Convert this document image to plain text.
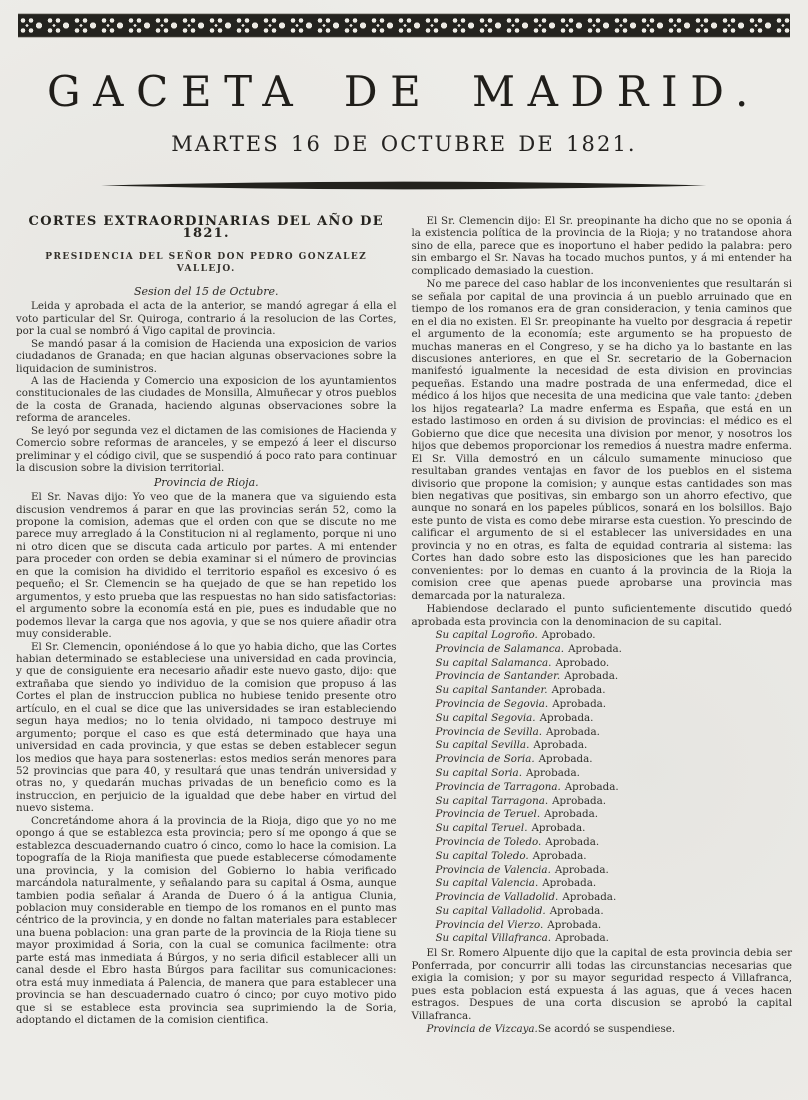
GACETA DE MADRID.
MARTES 16 DE OCTUBRE DE 1821.
CORTES EXTRAORDINARIAS DEL AÑO DE 1821.
PRESIDENCIA DEL SEÑOR DON PEDRO GONZALEZ VALLEJO.
Sesion del 15 de Octubre.

Leida y aprobada el acta de la anterior, se mandó agregar á ella el voto particular del Sr. Quiroga, contrario á la resolucion de las Cortes, por la cual se nombró á Vigo capital de provincia.

Se mandó pasar á la comision de Hacienda una exposicion de varios ciudadanos de Granada; en que hacian algunas observaciones sobre la liquidacion de suministros.

A las de Hacienda y Comercio una exposicion de los ayuntamientos constitucionales de las ciudades de Monsilla, Almuñecar y otros pueblos de la costa de Granada, haciendo algunas observaciones sobre la reforma de aranceles.

Se leyó por segunda vez el dictamen de las comisiones de Hacienda y Comercio sobre reformas de aranceles, y se empezó á leer el discurso preliminar y el código civil, que se suspendió á poco rato para continuar la discusion sobre la division territorial.

Provincia de Rioja.

El Sr. Navas dijo: Yo veo que de la manera que va siguiendo esta discusion vendremos á parar en que las provincias serán 52, como la propone la comision, ademas que el orden con que se discute no me parece muy arreglado á la Constitucion ni al reglamento, porque ni uno ni otro dicen que se discuta cada articulo por partes. A mi entender para proceder con orden se debia examinar si el número de provincias en que la comision ha dividido el territorio español es excesivo ó es pequeño; el Sr. Clemencin se ha quejado de que se han repetido los argumentos, y esto prueba que las respuestas no han sido satisfactorias: el argumento sobre la economía está en pie, pues es indudable que no podemos llevar la carga que nos agovia, y que se nos quiere añadir otra muy considerable.

El Sr. Clemencin, oponiéndose á lo que yo habia dicho, que las Cortes habian determinado se estableciese una universidad en cada provincia, y que de consiguiente era necesario añadir este nuevo gasto, dijo: que extrañaba que siendo yo individuo de la comision que propuso á las Cortes el plan de instruccion publica no hubiese tenido presente otro artículo, en el cual se dice que las universidades se iran estableciendo segun haya medios; no lo tenia olvidado, ni tampoco destruye mi argumento; porque el caso es que está determinado que haya una universidad en cada provincia, y que estas se deben establecer segun los medios que haya para sostenerlas: estos medios serán menores para 52 provincias que para 40, y resultará que unas tendrán universidad y otras no, y quedarán muchas privadas de un beneficio como es la instruccion, en perjuicio de la igualdad que debe haber en virtud del nuevo sistema.

Concretándome ahora á la provincia de la Rioja, digo que yo no me opongo á que se establezca esta provincia; pero sí me opongo á que se establezca descuadernando cuatro ó cinco, como lo hace la comision. La topografía de la Rioja manifiesta que puede establecerse cómodamente una provincia, y la comision del Gobierno lo habia verificado marcándola naturalmente, y señalando para su capital á Osma, aunque tambien podia señalar á Aranda de Duero ó á la antigua Clunia, poblacion muy considerable en tiempo de los romanos en el punto mas céntrico de la provincia, y en donde no faltan materiales para establecer una buena poblacion: una gran parte de la provincia de la Rioja tiene su mayor proximidad á Soria, con la cual se comunica facilmente: otra parte está mas inmediata á Búrgos, y no seria dificil establecer alli un canal desde el Ebro hasta Búrgos para facilitar sus comunicaciones: otra está muy inmediata á Palencia, de manera que para establecer una provincia se han descuadernado cuatro ó cinco; por cuyo motivo pido que si se establece esta provincia sea suprimiendo la de Soria, adoptando el dictamen de la comision cientifica.

El Sr. Clemencin dijo: El Sr. preopinante ha dicho que no se oponia á la existencia política de la provincia de la Rioja; y no tratandose ahora sino de ella, parece que es inoportuno el haber pedido la palabra: pero sin embargo el Sr. Navas ha tocado muchos puntos, y á mi entender ha complicado demasiado la cuestion.

No me parece del caso hablar de los inconvenientes que resultarán si se señala por capital de una provincia á un pueblo arruinado que en tiempo de los romanos era de gran consideracion, y tenia caminos que en el dia no existen. El Sr. preopinante ha vuelto por desgracia á repetir el argumento de la economía; este argumento se ha propuesto de muchas maneras en el Congreso, y se ha dicho ya lo bastante en las discusiones anteriores, en que el Sr. secretario de la Gobernacion manifestó igualmente la necesidad de esta division en provincias pequeñas. Estando una madre postrada de una enfermedad, dice el médico á los hijos que necesita de una medicina que vale tanto: ¿deben los hijos regatearla? La madre enferma es España, que está en un estado lastimoso en orden á su division de provincias: el médico es el Gobierno que dice que necesita una division por menor, y nosotros los hijos que debemos proporcionar los remedios á nuestra madre enferma. El Sr. Villa demostró en un cálculo sumamente minucioso que resultaban grandes ventajas en favor de los pueblos en el sistema divisorio que propone la comision; y aunque estas cantidades son mas bien negativas que positivas, sin embargo son un ahorro efectivo, que aunque no sonará en los papeles públicos, sonará en los bolsillos. Bajo este punto de vista es como debe mirarse esta cuestion. Yo prescindo de calificar el argumento de si el establecer las universidades en una provincia y no en otras, es falta de equidad contraria al sistema: las Cortes han dado sobre esto las disposiciones que les han parecido convenientes: por lo demas en cuanto á la provincia de la Rioja la comision cree que apenas puede aprobarse una provincia mas demarcada por la naturaleza.

Habiendose declarado el punto suficientemente discutido quedó aprobada esta provincia con la denominacion de su capital.

Su capital Logroño. Aprobado.
Provincia de Salamanca. Aprobada.
Su capital Salamanca. Aprobado.
Provincia de Santander. Aprobada.
Su capital Santander. Aprobada.
Provincia de Segovia. Aprobada.
Su capital Segovia. Aprobada.
Provincia de Sevilla. Aprobada.
Su capital Sevilla. Aprobada.
Provincia de Soria. Aprobada.
Su capital Soria. Aprobada.
Provincia de Tarragona. Aprobada.
Su capital Tarragona. Aprobada.
Provincia de Teruel. Aprobada.
Su capital Teruel. Aprobada.
Provincia de Toledo. Aprobada.
Su capital Toledo. Aprobada.
Provincia de Valencia. Aprobada.
Su capital Valencia. Aprobada.
Provincia de Valladolid. Aprobada.
Su capital Valladolid. Aprobada.
Provincia del Vierzo. Aprobada.
Su capital Villafranca. Aprobada.

El Sr. Romero Alpuente dijo que la capital de esta provincia debia ser Ponferrada, por concurrir alli todas las circunstancias necesarias que exigia la comision; y por su mayor seguridad respecto á Villafranca, pues esta poblacion está expuesta á las aguas, que á veces hacen estragos. Despues de una corta discusion se aprobó la capital Villafranca.

Provincia de Vizcaya.Se acordó se suspendiese.
